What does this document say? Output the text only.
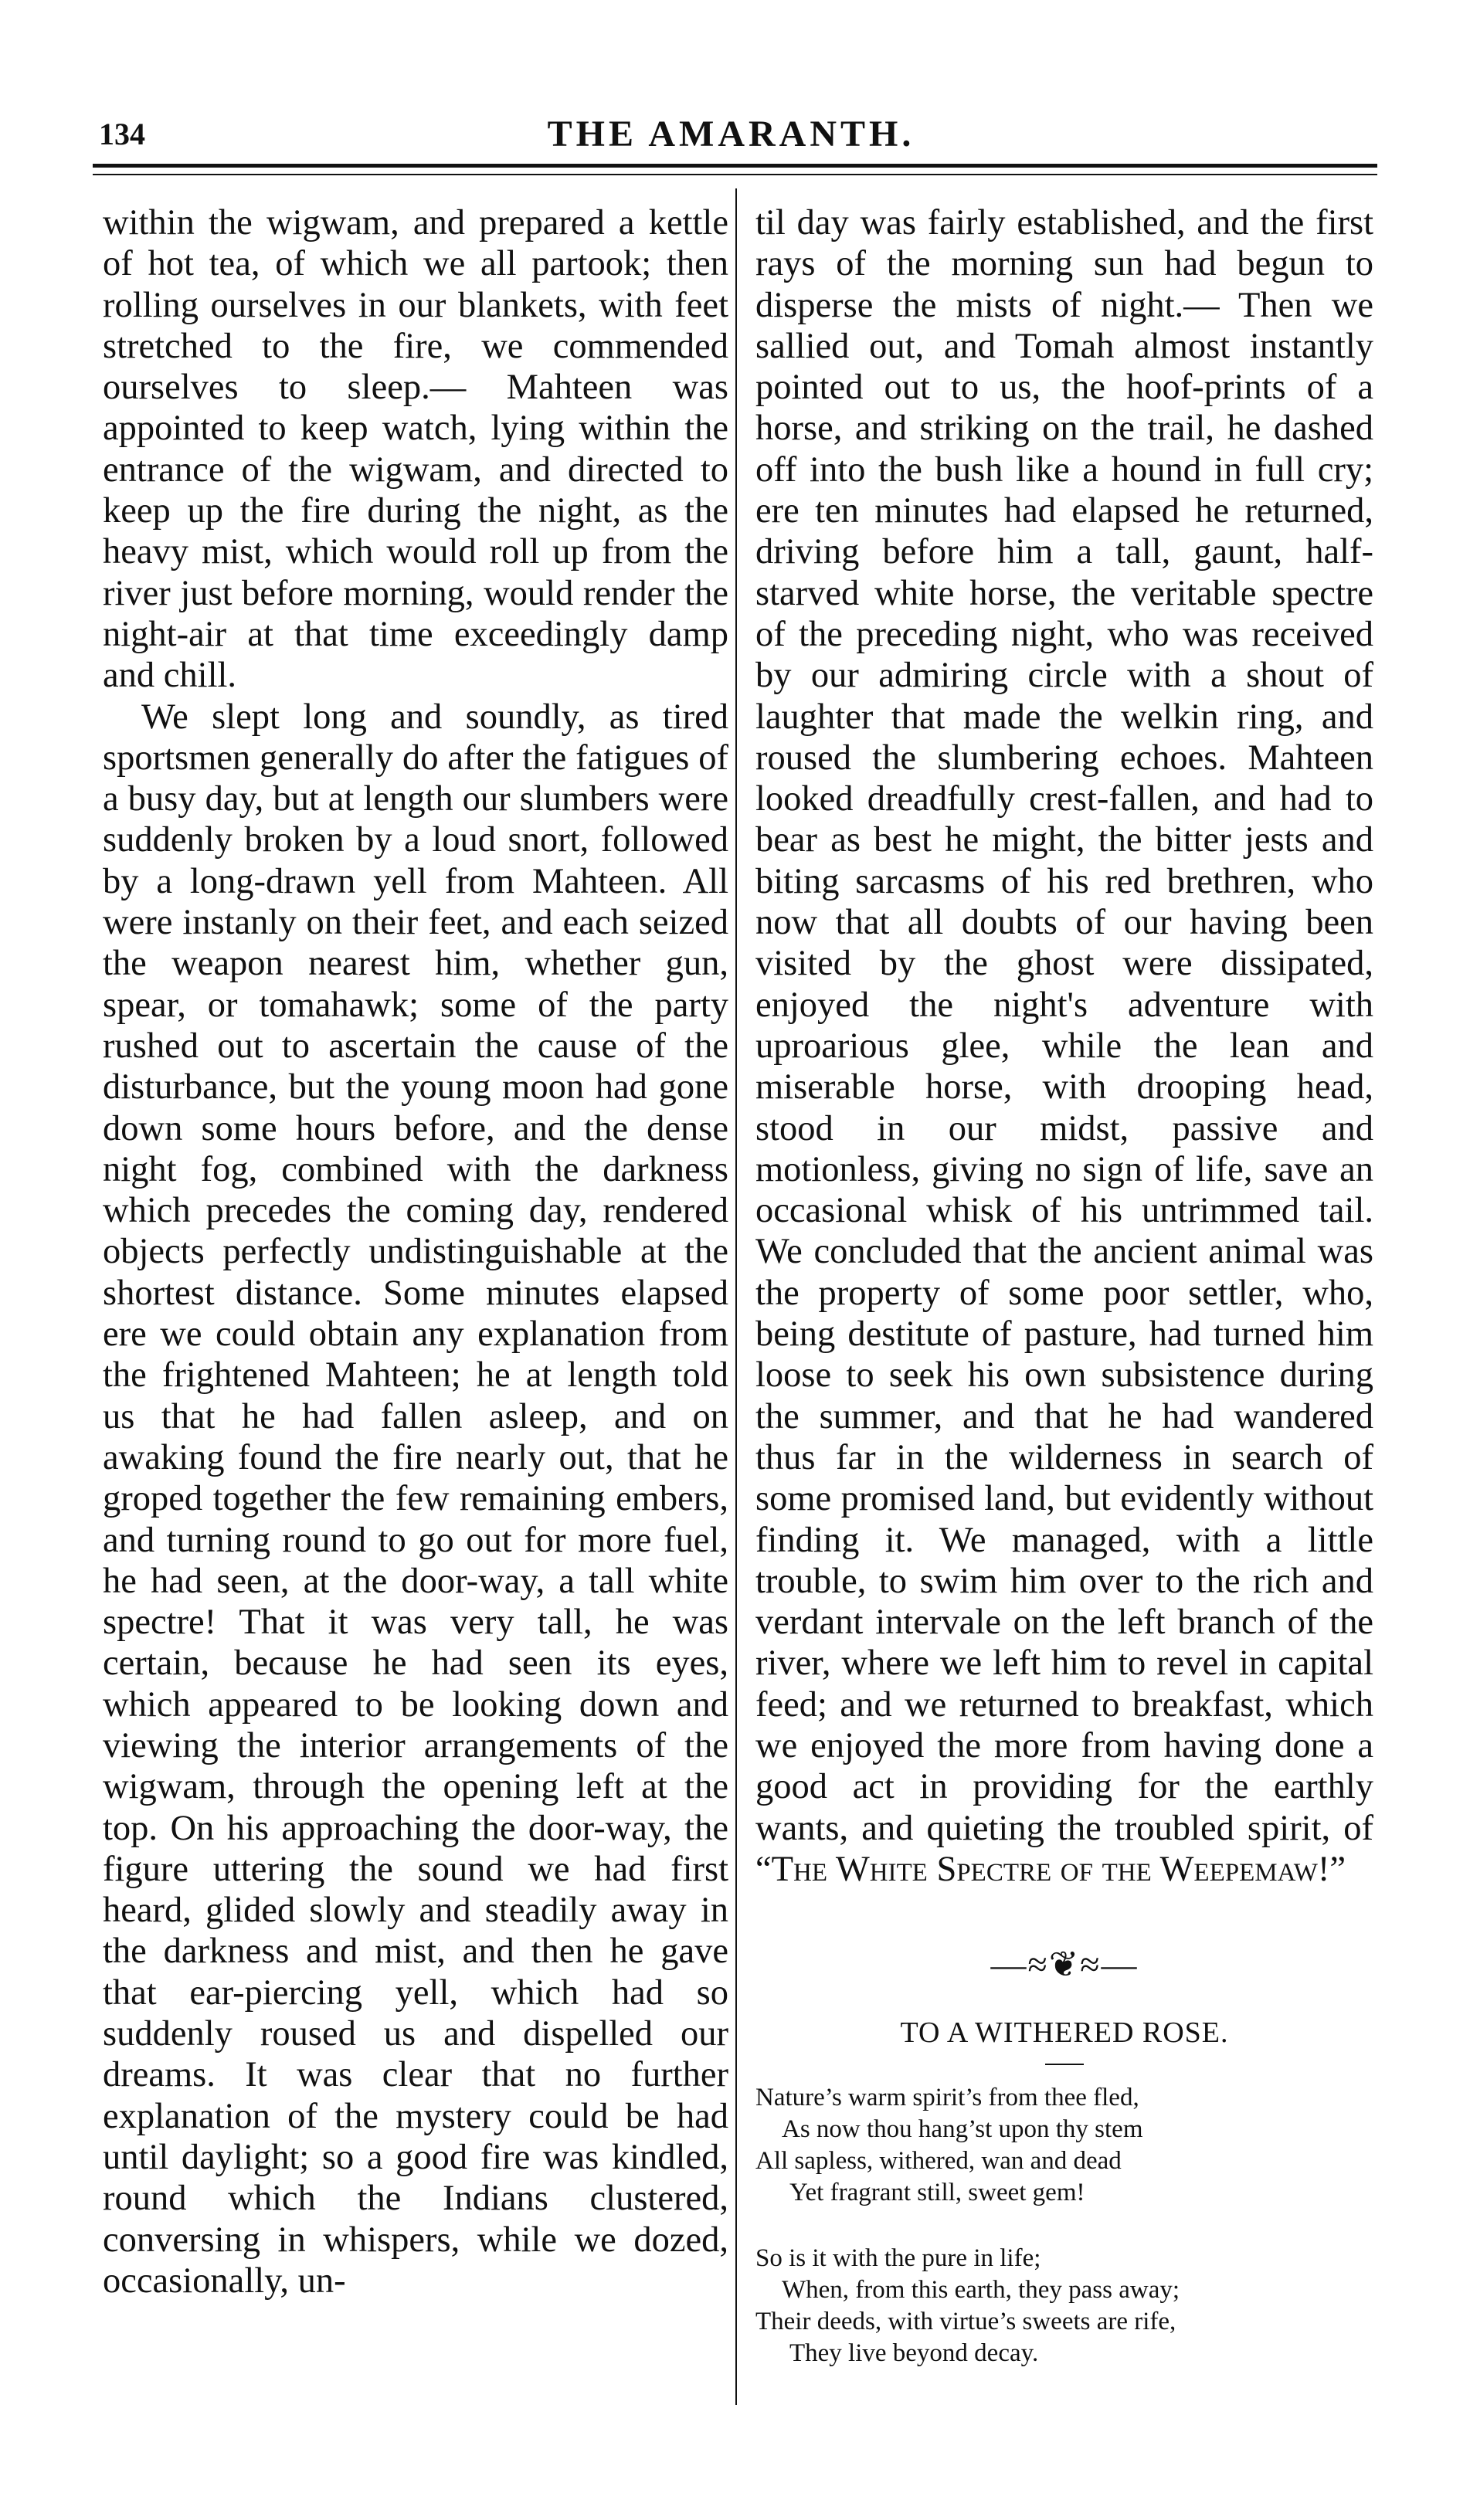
134	THE AMARANTH.

within the wigwam, and prepared a kettle of hot tea, of which we all partook; then rolling ourselves in our blankets, with feet stretched to the fire, we commended ourselves to sleep.— Mahteen was appointed to keep watch, lying within the entrance of the wigwam, and directed to keep up the fire during the night, as the heavy mist, which would roll up from the river just before morning, would render the night-air at that time exceedingly damp and chill.

We slept long and soundly, as tired sportsmen generally do after the fatigues of a busy day, but at length our slumbers were suddenly broken by a loud snort, followed by a long-drawn yell from Mahteen. All were instanly on their feet, and each seized the weapon nearest him, whether gun, spear, or tomahawk; some of the party rushed out to ascertain the cause of the disturbance, but the young moon had gone down some hours before, and the dense night fog, combined with the darkness which precedes the coming day, rendered objects perfectly undistinguishable at the shortest distance. Some minutes elapsed ere we could obtain any explanation from the frightened Mahteen; he at length told us that he had fallen asleep, and on awaking found the fire nearly out, that he groped together the few remaining embers, and turning round to go out for more fuel, he had seen, at the door-way, a tall white spectre! That it was very tall, he was certain, because he had seen its eyes, which appeared to be looking down and viewing the interior arrangements of the wigwam, through the opening left at the top. On his approaching the door-way, the figure uttering the sound we had first heard, glided slowly and steadily away in the darkness and mist, and then he gave that ear-piercing yell, which had so suddenly roused us and dispelled our dreams. It was clear that no further explanation of the mystery could be had until daylight; so a good fire was kindled, round which the Indians clustered, conversing in whispers, while we dozed, occasionally, un-

til day was fairly established, and the first rays of the morning sun had begun to disperse the mists of night.— Then we sallied out, and Tomah almost instantly pointed out to us, the hoof-prints of a horse, and striking on the trail, he dashed off into the bush like a hound in full cry; ere ten minutes had elapsed he returned, driving before him a tall, gaunt, half-starved white horse, the veritable spectre of the preceding night, who was received by our admiring circle with a shout of laughter that made the welkin ring, and roused the slumbering echoes. Mahteen looked dreadfully crest-fallen, and had to bear as best he might, the bitter jests and biting sarcasms of his red brethren, who now that all doubts of our having been visited by the ghost were dissipated, enjoyed the night's adventure with uproarious glee, while the lean and miserable horse, with drooping head, stood in our midst, passive and motionless, giving no sign of life, save an occasional whisk of his untrimmed tail. We concluded that the ancient animal was the property of some poor settler, who, being destitute of pasture, had turned him loose to seek his own subsistence during the summer, and that he had wandered thus far in the wilderness in search of some promised land, but evidently without finding it. We managed, with a little trouble, to swim him over to the rich and verdant intervale on the left branch of the river, where we left him to revel in capital feed; and we returned to breakfast, which we enjoyed the more from having done a good act in providing for the earthly wants, and quieting the troubled spirit, of “The White Spectre of the Weepemaw!”

—≈❦≈—
TO A WITHERED ROSE.
Nature’s warm spirit’s from thee fled,
As now thou hang’st upon thy stem
All sapless, withered, wan and dead
Yet fragrant still, sweet gem!
So is it with the pure in life;
When, from this earth, they pass away;
Their deeds, with virtue’s sweets are rife,
They live beyond decay.
